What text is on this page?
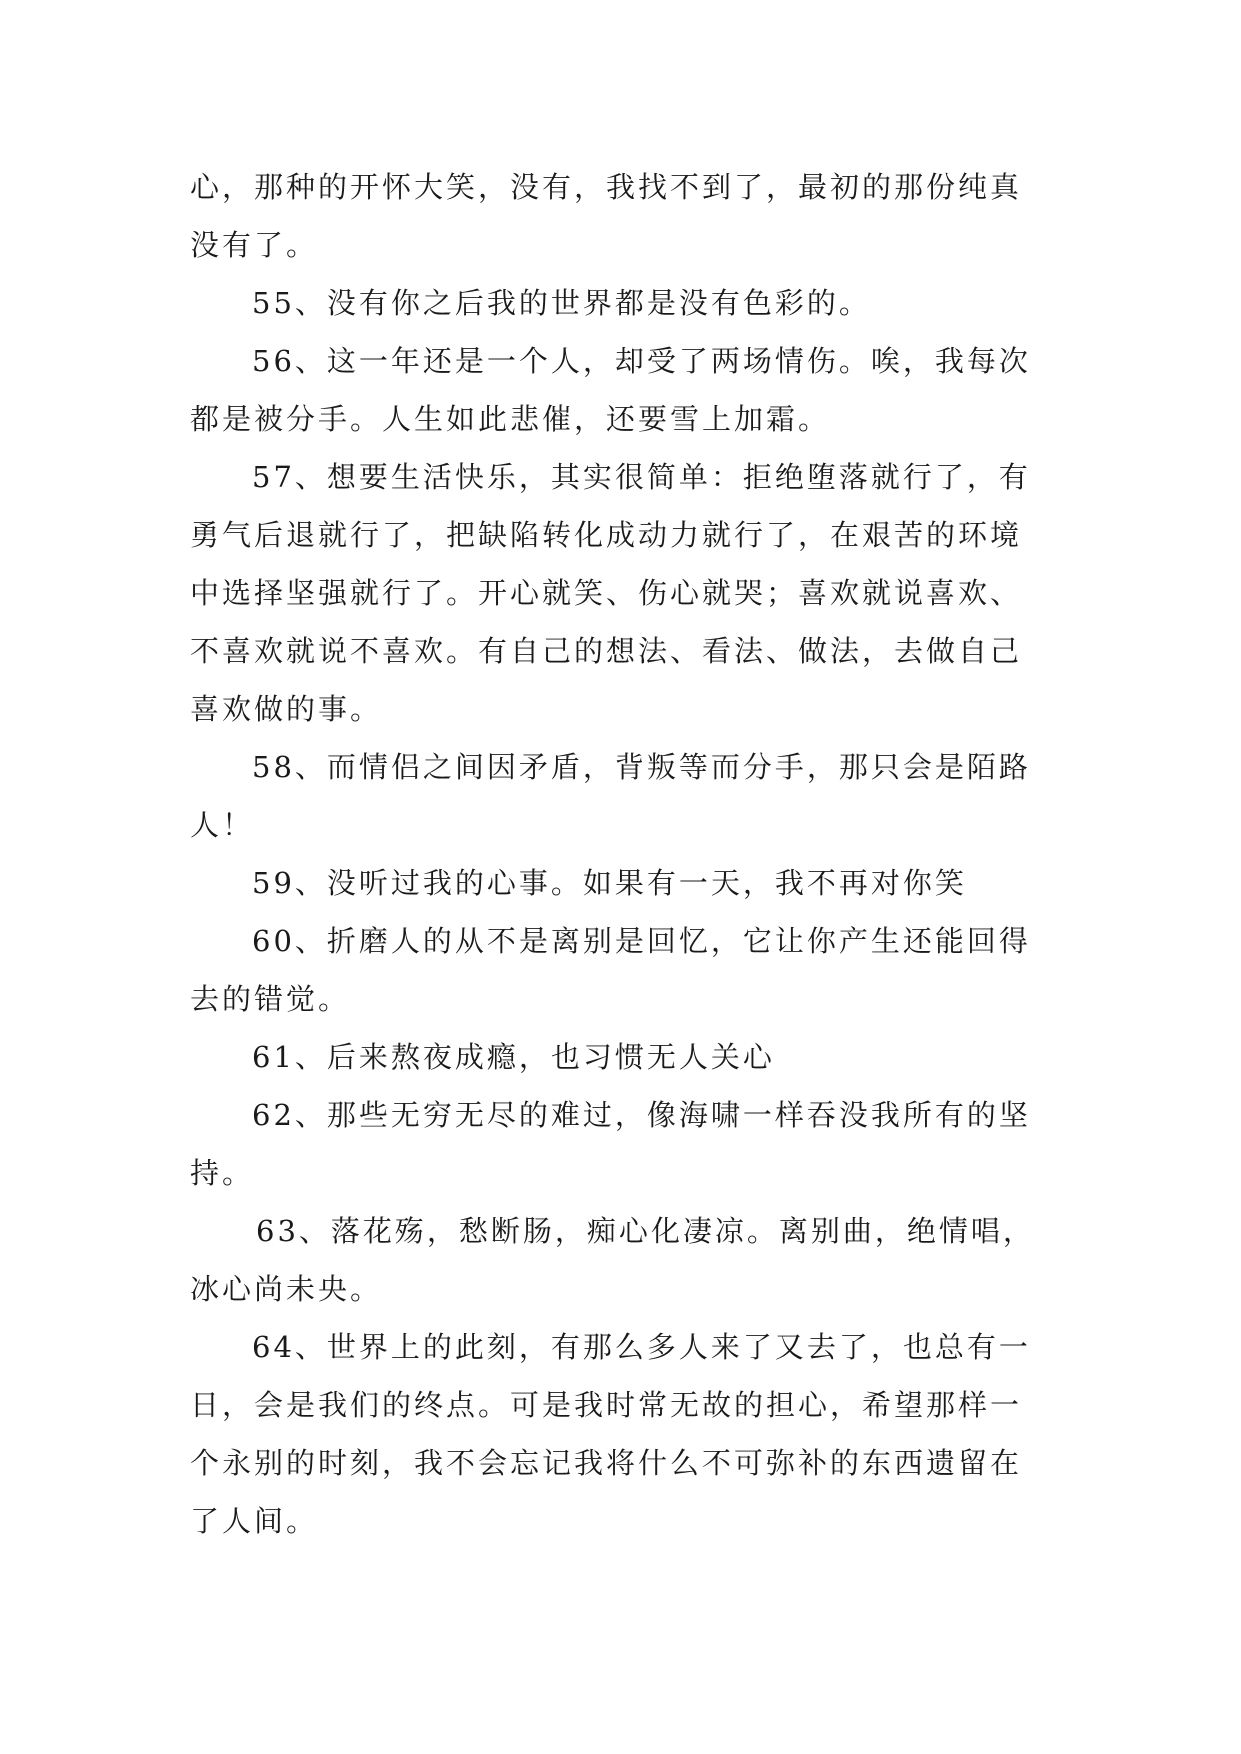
心，那种的开怀大笑，没有，我找不到了，最初的那份纯真
没有了。

55、没有你之后我的世界都是没有色彩的。

56、这一年还是一个人，却受了两场情伤。唉，我每次
都是被分手。人生如此悲催，还要雪上加霜。

57、想要生活快乐，其实很简单：拒绝堕落就行了，有
勇气后退就行了，把缺陷转化成动力就行了，在艰苦的环境
中选择坚强就行了。开心就笑、伤心就哭；喜欢就说喜欢、
不喜欢就说不喜欢。有自己的想法、看法、做法，去做自己
喜欢做的事。

58、而情侣之间因矛盾，背叛等而分手，那只会是陌路
人！

59、没听过我的心事。如果有一天，我不再对你笑

60、折磨人的从不是离别是回忆，它让你产生还能回得
去的错觉。

61、后来熬夜成瘾，也习惯无人关心

62、那些无穷无尽的难过，像海啸一样吞没我所有的坚
持。

63、落花殇，愁断肠，痴心化凄凉。离别曲，绝情唱，
冰心尚未央。

64、世界上的此刻，有那么多人来了又去了，也总有一
日，会是我们的终点。可是我时常无故的担心，希望那样一
个永别的时刻，我不会忘记我将什么不可弥补的东西遗留在
了人间。
